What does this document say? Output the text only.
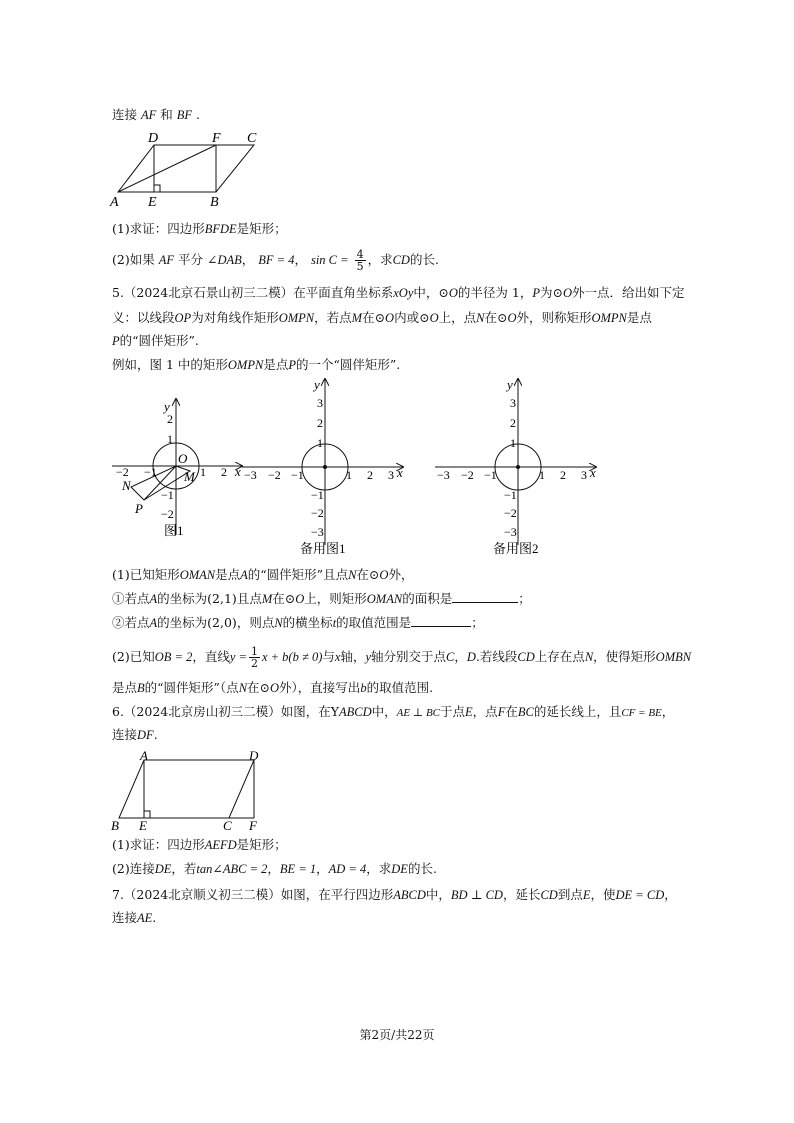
连接 AF 和 BF .
D	F C
A E	B
(1)求证：四边形BFDE是矩形；
(2)如果 AF 平分 ∠DAB， BF = 4， $\sin C = \frac{4}{5}$ ，求CD的长.
5.（2024北京石景山初三二模）在平面直角坐标系xOy中，⊙O的半径为 1，P为⊙O外一点．给出如下定
义：以线段OP为对角线作矩形OMPN，若点M在⊙O内或⊙O上，点N在⊙O外，则称矩形OMPN是点
P的“圆伴矩形”.
例如，图 1 中的矩形OMPN是点P的一个“圆伴矩形”.
x
y
O
M
N
P
−2 −1	1 2
2
1
−1
−2
图1
x
y
−3 −2 −1	1 2 3
3
2
1
−1
−2
−3
备用图1
x
y
−3 −2 −1	1 2 3
3
2
1
−1
−2
−3
备用图2
(1)已知矩形OMAN是点A的“圆伴矩形”且点N在⊙O外，
①若点A的坐标为(2,1)且点M在⊙O上，则矩形OMAN的面积是	；
②若点A的坐标为(2,0)，则点N的横坐标t的取值范围是	；
(2)已知OB = 2，直线$y = \frac{1}{2}$ x + b(b ≠ 0)与x轴，y轴分别交于点C，D.若线段CD上存在点N，使得矩形OMBN
是点B的“圆伴矩形”（点N在⊙O外），直接写出b的取值范围.
6.（2024北京房山初三二模）如图，在YABCD中，AE ⊥ BC于点E，点F在BC的延长线上，且CF = BE，
连接DF.
A	D
B E	C F
(1)求证：四边形AEFD是矩形；
(2)连接DE，若tan∠ABC = 2，BE = 1，AD = 4，求DE的长.
7.（2024北京顺义初三二模）如图，在平行四边形ABCD中，BD ⊥ CD，延长CD到点E，使DE = CD，
连接AE.
第2页/共22页
